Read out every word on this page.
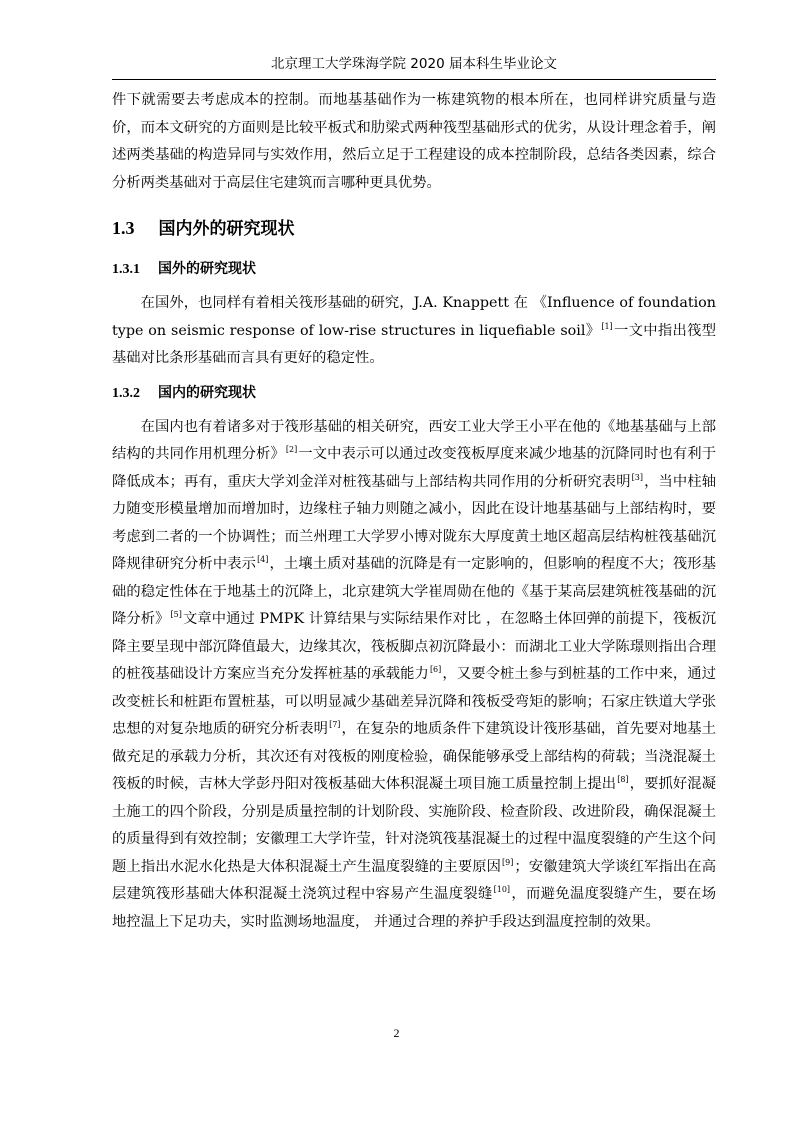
北京理工大学珠海学院 2020 届本科生毕业论文

件下就需要去考虑成本的控制。而地基基础作为一栋建筑物的根本所在，也同样讲究质量与造价，而本文研究的方面则是比较平板式和肋梁式两种筏型基础形式的优劣，从设计理念着手，阐述两类基础的构造异同与实效作用，然后立足于工程建设的成本控制阶段，总结各类因素，综合分析两类基础对于高层住宅建筑而言哪种更具优势。

1.3 国内外的研究现状
1.3.1 国外的研究现状

在国外，也同样有着相关筏形基础的研究，J.A. Knappett 在 《Influence of foundation type on seismic response of low-rise structures in liquefiable soil》[1]一文中指出筏型基础对比条形基础而言具有更好的稳定性。

1.3.2 国内的研究现状

在国内也有着诸多对于筏形基础的相关研究，西安工业大学王小平在他的《地基基础与上部结构的共同作用机理分析》[2]一文中表示可以通过改变筏板厚度来减少地基的沉降同时也有利于降低成本；再有，重庆大学刘金洋对桩筏基础与上部结构共同作用的分析研究表明[3]，当中柱轴力随变形模量增加而增加时，边缘柱子轴力则随之减小，因此在设计地基基础与上部结构时，要考虑到二者的一个协调性；而兰州理工大学罗小博对陇东大厚度黄土地区超高层结构桩筏基础沉降规律研究分析中表示[4]，土壤土质对基础的沉降是有一定影响的，但影响的程度不大；筏形基础的稳定性体在于地基土的沉降上，北京建筑大学崔周勋在他的《基于某高层建筑桩筏基础的沉降分析》[5]文章中通过 PMPK 计算结果与实际结果作对比 ，在忽略土体回弹的前提下，筏板沉降主要呈现中部沉降值最大，边缘其次，筏板脚点初沉降最小：而湖北工业大学陈璟则指出合理的桩筏基础设计方案应当充分发挥桩基的承载能力[6]，又要令桩土参与到桩基的工作中来，通过改变桩长和桩距布置桩基，可以明显减少基础差异沉降和筏板受弯矩的影响；石家庄铁道大学张忠想的对复杂地质的研究分析表明[7]，在复杂的地质条件下建筑设计筏形基础，首先要对地基土做充足的承载力分析，其次还有对筏板的刚度检验，确保能够承受上部结构的荷载；当浇混凝土筏板的时候，吉林大学彭丹阳对筏板基础大体积混凝土项目施工质量控制上提出[8]，要抓好混凝土施工的四个阶段，分别是质量控制的计划阶段、实施阶段、检查阶段、改进阶段，确保混凝土的质量得到有效控制；安徽理工大学许莹，针对浇筑筏基混凝土的过程中温度裂缝的产生这个问题上指出水泥水化热是大体积混凝土产生温度裂缝的主要原因[9]；安徽建筑大学谈红军指出在高层建筑筏形基础大体积混凝土浇筑过程中容易产生温度裂缝[10]，而避免温度裂缝产生，要在场地控温上下足功夫，实时监测场地温度， 并通过合理的养护手段达到温度控制的效果。

2
